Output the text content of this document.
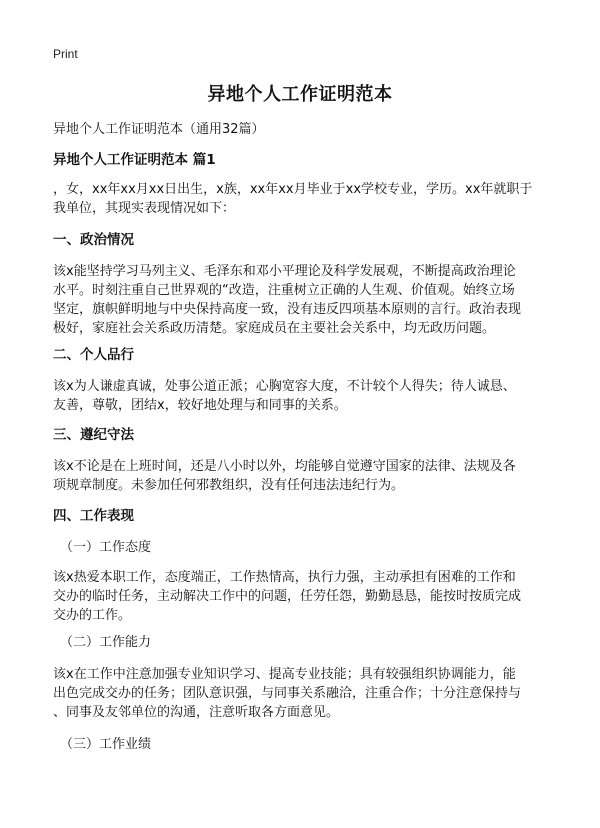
Print
异地个人工作证明范本
异地个人工作证明范本（通用32篇）
异地个人工作证明范本 篇1
，女，xx年xx月xx日出生，x族，xx年xx月毕业于xx学校专业，学历。xx年就职于
我单位，其现实表现情况如下：
一、政治情况
该x能坚持学习马列主义、毛泽东和邓小平理论及科学发展观，不断提高政治理论
水平。时刻注重自己世界观的“改造，注重树立正确的人生观、价值观。始终立场
坚定，旗帜鲜明地与中央保持高度一致，没有违反四项基本原则的言行。政治表现
极好，家庭社会关系政历清楚。家庭成员在主要社会关系中，均无政历问题。
二、个人品行
该x为人谦虚真诚，处事公道正派；心胸宽容大度，不计较个人得失；待人诚恳、
友善，尊敬，团结x，较好地处理与和同事的关系。
三、遵纪守法
该x不论是在上班时间，还是八小时以外，均能够自觉遵守国家的法律、法规及各
项规章制度。未参加任何邪教组织，没有任何违法违纪行为。
四、工作表现
（一）工作态度
该x热爱本职工作，态度端正，工作热情高，执行力强，主动承担有困难的工作和
交办的临时任务，主动解决工作中的问题，任劳任怨，勤勤恳恳，能按时按质完成
交办的工作。
（二）工作能力
该x在工作中注意加强专业知识学习、提高专业技能；具有较强组织协调能力，能
出色完成交办的任务；团队意识强，与同事关系融洽，注重合作；十分注意保持与
、同事及友邻单位的沟通，注意听取各方面意见。
（三）工作业绩
